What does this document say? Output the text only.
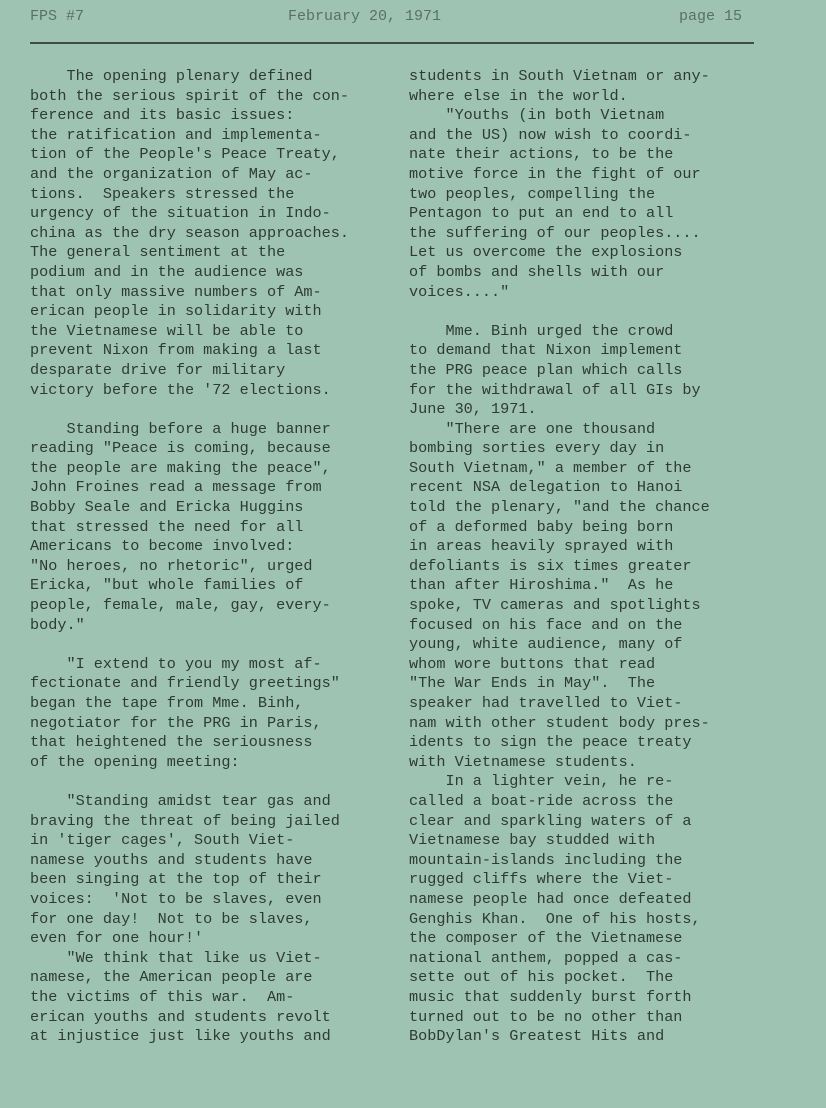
FPS #7	February 20, 1971	page 15

The opening plenary defined
both the serious spirit of the con-
ference and its basic issues:
the ratification and implementa-
tion of the People's Peace Treaty,
and the organization of May ac-
tions.  Speakers stressed the
urgency of the situation in Indo-
china as the dry season approaches.
The general sentiment at the
podium and in the audience was
that only massive numbers of Am-
erican people in solidarity with
the Vietnamese will be able to
prevent Nixon from making a last
desparate drive for military
victory before the '72 elections.

Standing before a huge banner
reading "Peace is coming, because
the people are making the peace",
John Froines read a message from
Bobby Seale and Ericka Huggins
that stressed the need for all
Americans to become involved:
"No heroes, no rhetoric", urged
Ericka, "but whole families of
people, female, male, gay, every-
body."

"I extend to you my most af-
fectionate and friendly greetings"
began the tape from Mme. Binh,
negotiator for the PRG in Paris,
that heightened the seriousness
of the opening meeting:

"Standing amidst tear gas and
braving the threat of being jailed
in 'tiger cages', South Viet-
namese youths and students have
been singing at the top of their
voices:  'Not to be slaves, even
for one day!  Not to be slaves,
even for one hour!'

"We think that like us Viet-
namese, the American people are
the victims of this war.  Am-
erican youths and students revolt
at injustice just like youths and

students in South Vietnam or any-
where else in the world.

"Youths (in both Vietnam
and the US) now wish to coordi-
nate their actions, to be the
motive force in the fight of our
two peoples, compelling the
Pentagon to put an end to all
the suffering of our peoples....
Let us overcome the explosions
of bombs and shells with our
voices...."

Mme. Binh urged the crowd
to demand that Nixon implement
the PRG peace plan which calls
for the withdrawal of all GIs by
June 30, 1971.

"There are one thousand
bombing sorties every day in
South Vietnam," a member of the
recent NSA delegation to Hanoi
told the plenary, "and the chance
of a deformed baby being born
in areas heavily sprayed with
defoliants is six times greater
than after Hiroshima."  As he
spoke, TV cameras and spotlights
focused on his face and on the
young, white audience, many of
whom wore buttons that read
"The War Ends in May".  The
speaker had travelled to Viet-
nam with other student body pres-
idents to sign the peace treaty
with Vietnamese students.

In a lighter vein, he re-
called a boat-ride across the
clear and sparkling waters of a
Vietnamese bay studded with
mountain-islands including the
rugged cliffs where the Viet-
namese people had once defeated
Genghis Khan.  One of his hosts,
the composer of the Vietnamese
national anthem, popped a cas-
sette out of his pocket.  The
music that suddenly burst forth
turned out to be no other than
BobDylan's Greatest Hits and
